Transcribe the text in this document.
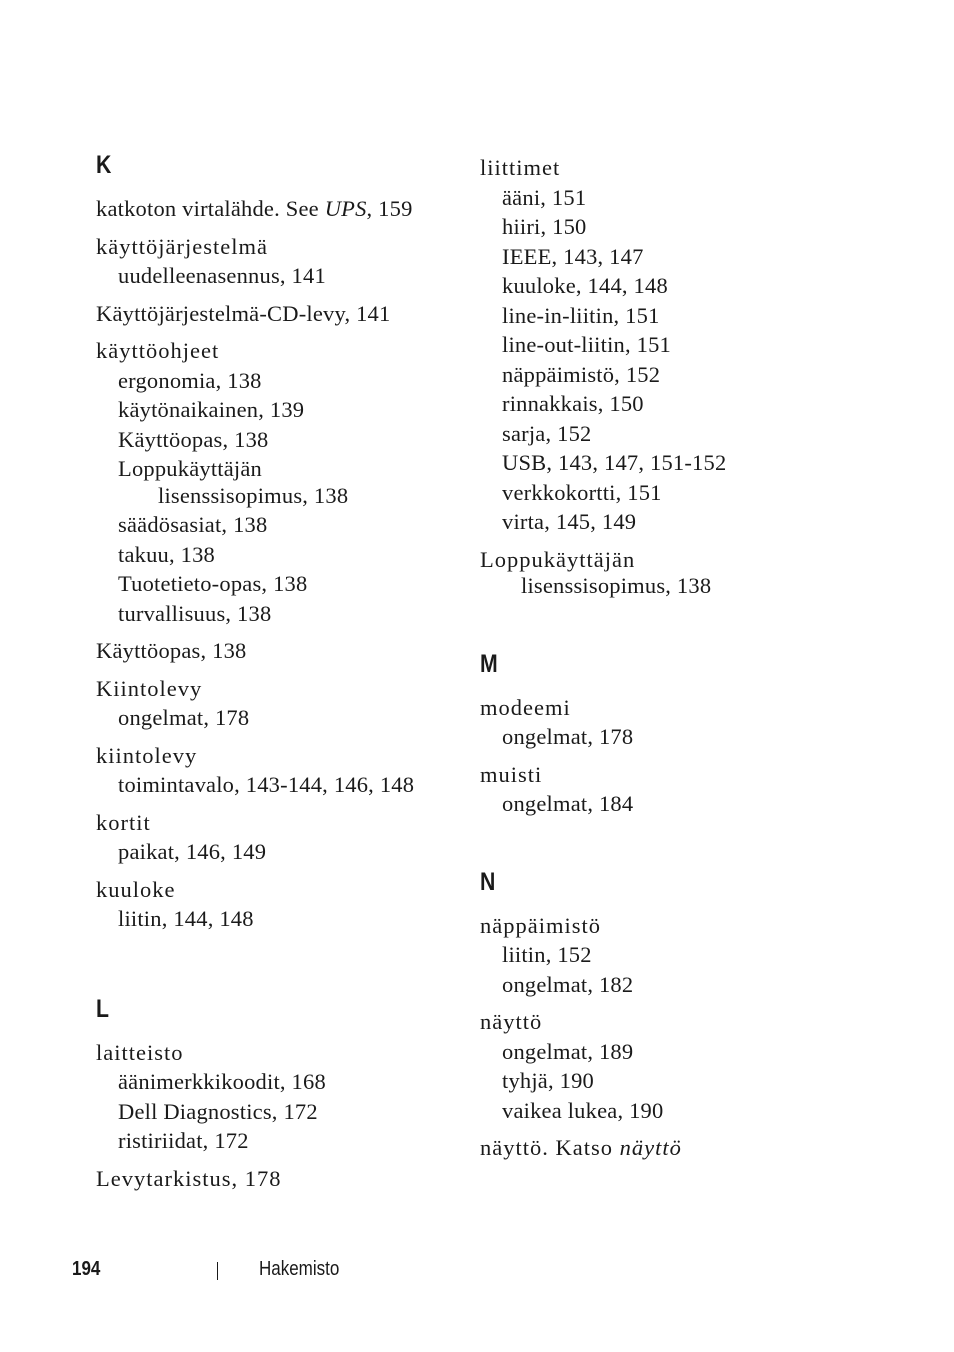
K
katkoton virtalähde. See UPS, 159
käyttöjärjestelmä
uudelleenasennus, 141
Käyttöjärjestelmä-CD-levy, 141
käyttöohjeet
ergonomia, 138
käytönaikainen, 139
Käyttöopas, 138
Loppukäyttäjän
lisenssisopimus, 138
säädösasiat, 138
takuu, 138
Tuotetieto-opas, 138
turvallisuus, 138
Käyttöopas, 138
Kiintolevy
ongelmat, 178
kiintolevy
toimintavalo, 143-144, 146, 148
kortit
paikat, 146, 149
kuuloke
liitin, 144, 148
L
laitteisto
äänimerkkikoodit, 168
Dell Diagnostics, 172
ristiriidat, 172
Levytarkistus, 178
liittimet
ääni, 151
hiiri, 150
IEEE, 143, 147
kuuloke, 144, 148
line-in-liitin, 151
line-out-liitin, 151
näppäimistö, 152
rinnakkais, 150
sarja, 152
USB, 143, 147, 151-152
verkkokortti, 151
virta, 145, 149
Loppukäyttäjän
lisenssisopimus, 138
M
modeemi
ongelmat, 178
muisti
ongelmat, 184
N
näppäimistö
liitin, 152
ongelmat, 182
näyttö
ongelmat, 189
tyhjä, 190
vaikea lukea, 190
näyttö. Katso näyttö
194	Hakemisto
